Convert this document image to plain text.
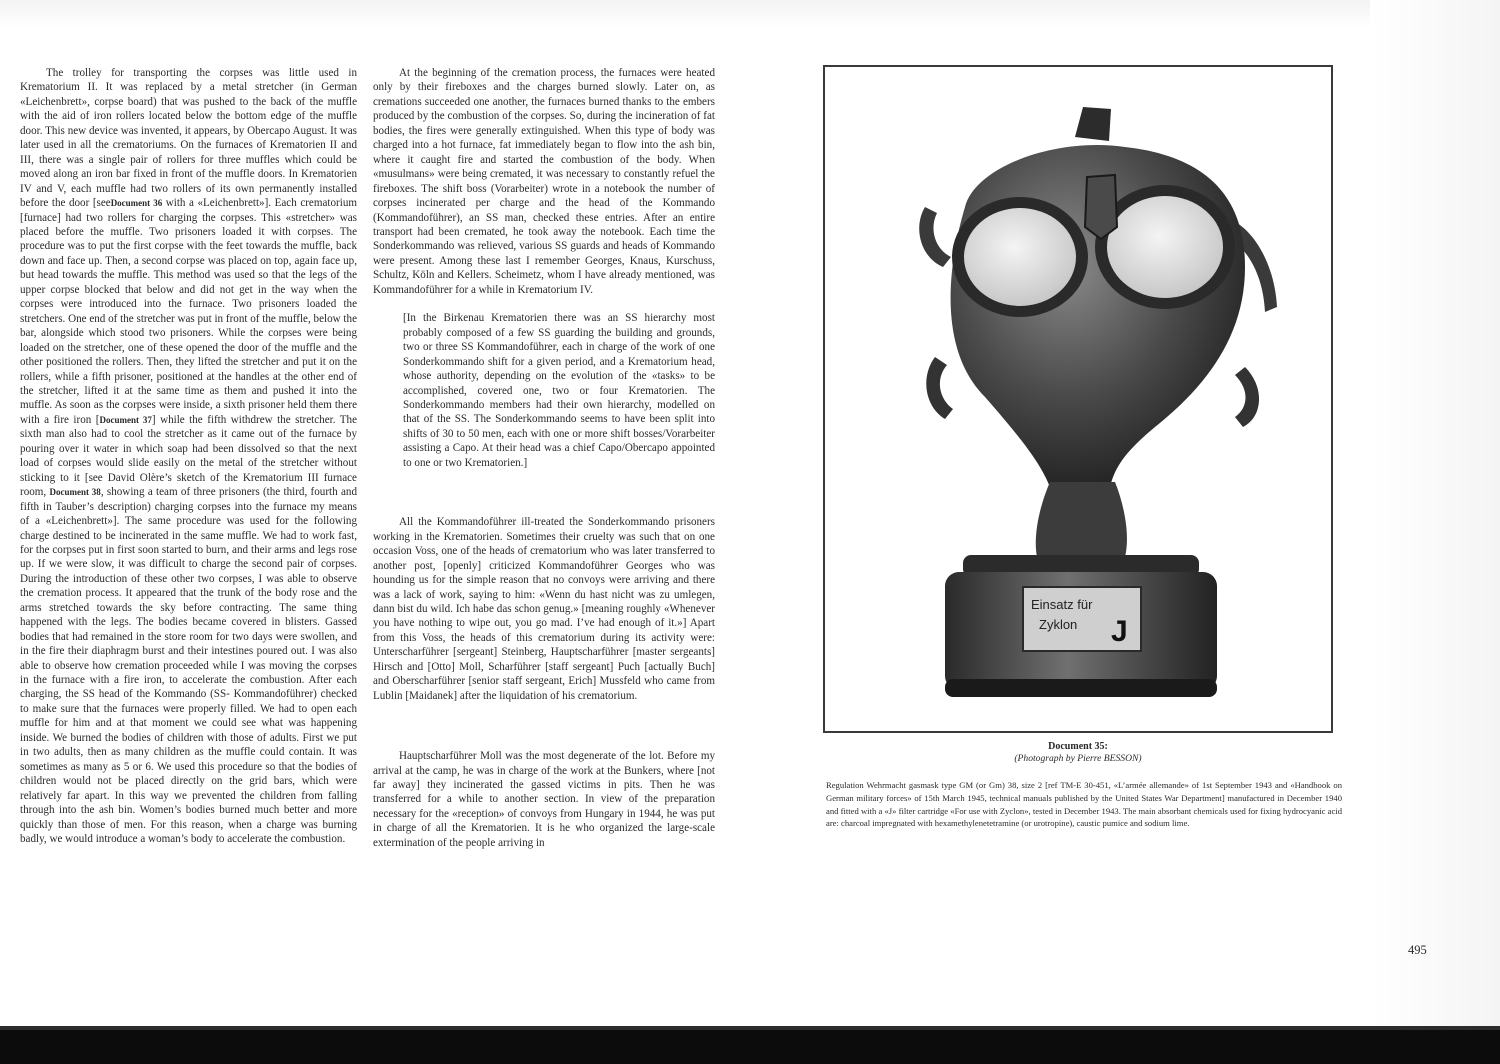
The trolley for transporting the corpses was little used in Krematorium II. It was replaced by a metal stretcher (in German «Leichenbrett», corpse board) that was pushed to the back of the muffle with the aid of iron rollers located below the bottom edge of the muffle door. This new device was invented, it appears, by Obercapo August. It was later used in all the crematoriums. On the furnaces of Krematorien II and III, there was a single pair of rollers for three muffles which could be moved along an iron bar fixed in front of the muffle doors. In Krematorien IV and V, each muffle had two rollers of its own permanently installed before the door [seeDocument 36 with a «Leichenbrett»]. Each crematorium [furnace] had two rollers for charging the corpses. This «stretcher» was placed before the muffle. Two prisoners loaded it with corpses. The procedure was to put the first corpse with the feet towards the muffle, back down and face up. Then, a second corpse was placed on top, again face up, but head towards the muffle. This method was used so that the legs of the upper corpse blocked that below and did not get in the way when the corpses were introduced into the furnace. Two prisoners loaded the stretchers. One end of the stretcher was put in front of the muffle, below the bar, alongside which stood two prisoners. While the corpses were being loaded on the stretcher, one of these opened the door of the muffle and the other positioned the rollers. Then, they lifted the stretcher and put it on the rollers, while a fifth prisoner, positioned at the handles at the other end of the stretcher, lifted it at the same time as them and pushed it into the muffle. As soon as the corpses were inside, a sixth prisoner held them there with a fire iron [Document 37] while the fifth withdrew the stretcher. The sixth man also had to cool the stretcher as it came out of the furnace by pouring over it water in which soap had been dissolved so that the next load of corpses would slide easily on the metal of the stretcher without sticking to it [see David Olère’s sketch of the Krematorium III furnace room, Document 38, showing a team of three prisoners (the third, fourth and fifth in Tauber’s description) charging corpses into the furnace my means of a «Leichenbrett»]. The same procedure was used for the following charge destined to be incinerated in the same muffle. We had to work fast, for the corpses put in first soon started to burn, and their arms and legs rose up. If we were slow, it was difficult to charge the second pair of corpses. During the introduction of these other two corpses, I was able to observe the cremation process. It appeared that the trunk of the body rose and the arms stretched towards the sky before contracting. The same thing happened with the legs. The bodies became covered in blisters. Gassed bodies that had remained in the store room for two days were swollen, and in the fire their diaphragm burst and their intestines poured out. I was also able to observe how cremation proceeded while I was moving the corpses in the furnace with a fire iron, to accelerate the combustion. After each charging, the SS head of the Kommando (SS- Kommandoführer) checked to make sure that the furnaces were properly filled. We had to open each muffle for him and at that moment we could see what was happening inside. We burned the bodies of children with those of adults. First we put in two adults, then as many children as the muffle could contain. It was sometimes as many as 5 or 6. We used this procedure so that the bodies of children would not be placed directly on the grid bars, which were relatively far apart. In this way we prevented the children from falling through into the ash bin. Women’s bodies burned much better and more quickly than those of men. For this reason, when a charge was burning badly, we would introduce a woman’s body to accelerate the combustion.

At the beginning of the cremation process, the furnaces were heated only by their fireboxes and the charges burned slowly. Later on, as cremations succeeded one another, the furnaces burned thanks to the embers produced by the combustion of the corpses. So, during the incineration of fat bodies, the fires were generally extinguished. When this type of body was charged into a hot furnace, fat immediately began to flow into the ash bin, where it caught fire and started the combustion of the body. When «musulmans» were being cremated, it was necessary to constantly refuel the fireboxes. The shift boss (Vorarbeiter) wrote in a notebook the number of corpses incinerated per charge and the head of the Kommando (Kommandoführer), an SS man, checked these entries. After an entire transport had been cremated, he took away the notebook. Each time the Sonderkommando was relieved, various SS guards and heads of Kommando were present. Among these last I remember Georges, Knaus, Kurschuss, Schultz, Köln and Kellers. Scheimetz, whom I have already mentioned, was Kommandoführer for a while in Krematorium IV.

[In the Birkenau Krematorien there was an SS hierarchy most probably composed of a few SS guarding the building and grounds, two or three SS Kommandoführer, each in charge of the work of one Sonderkommando shift for a given period, and a Krematorium head, whose authority, depending on the evolution of the «tasks» to be accomplished, covered one, two or four Krematorien. The Sonderkommando members had their own hierarchy, modelled on that of the SS. The Sonderkommando seems to have been split into shifts of 30 to 50 men, each with one or more shift bosses/Vorarbeiter assisting a Capo. At their head was a chief Capo/Obercapo appointed to one or two Krematorien.]

All the Kommandoführer ill-treated the Sonderkommando prisoners working in the Krematorien. Sometimes their cruelty was such that on one occasion Voss, one of the heads of crematorium who was later transferred to another post, [openly] criticized Kommandoführer Georges who was hounding us for the simple reason that no convoys were arriving and there was a lack of work, saying to him: «Wenn du hast nicht was zu umlegen, dann bist du wild. Ich habe das schon genug.» [meaning roughly «Whenever you have nothing to wipe out, you go mad. I’ve had enough of it.»] Apart from this Voss, the heads of this crematorium during its activity were: Unterscharführer [sergeant] Steinberg, Hauptscharführer [master sergeants] Hirsch and [Otto] Moll, Scharführer [staff sergeant] Puch [actually Buch] and Oberscharführer [senior staff sergeant, Erich] Mussfeld who came from Lublin [Maidanek] after the liquidation of his crematorium.

Hauptscharführer Moll was the most degenerate of the lot. Before my arrival at the camp, he was in charge of the work at the Bunkers, where [not far away] they incinerated the gassed victims in pits. Then he was transferred for a while to another section. In view of the preparation necessary for the «reception» of convoys from Hungary in 1944, he was put in charge of all the Krematorien. It is he who organized the large-scale extermination of the people arriving in

Einsatz für
Zyklon J
Document 35:
(Photograph by Pierre BESSON)
Regulation Wehrmacht gasmask type GM (or Gm) 38, size 2 [ref TM-E 30-451, «L’armée allemande» of 1st September 1943 and «Handbook on German military forces» of 15th March 1945, technical manuals published by the United States War Department] manufactured in December 1940 and fitted with a «J» filter cartridge «For use with Zyclon», tested in December 1943. The main absorbant chemicals used for fixing hydrocyanic acid are: charcoal impregnated with hexamethylenetetramine (or urotropine), caustic pumice and sodium lime.
495
